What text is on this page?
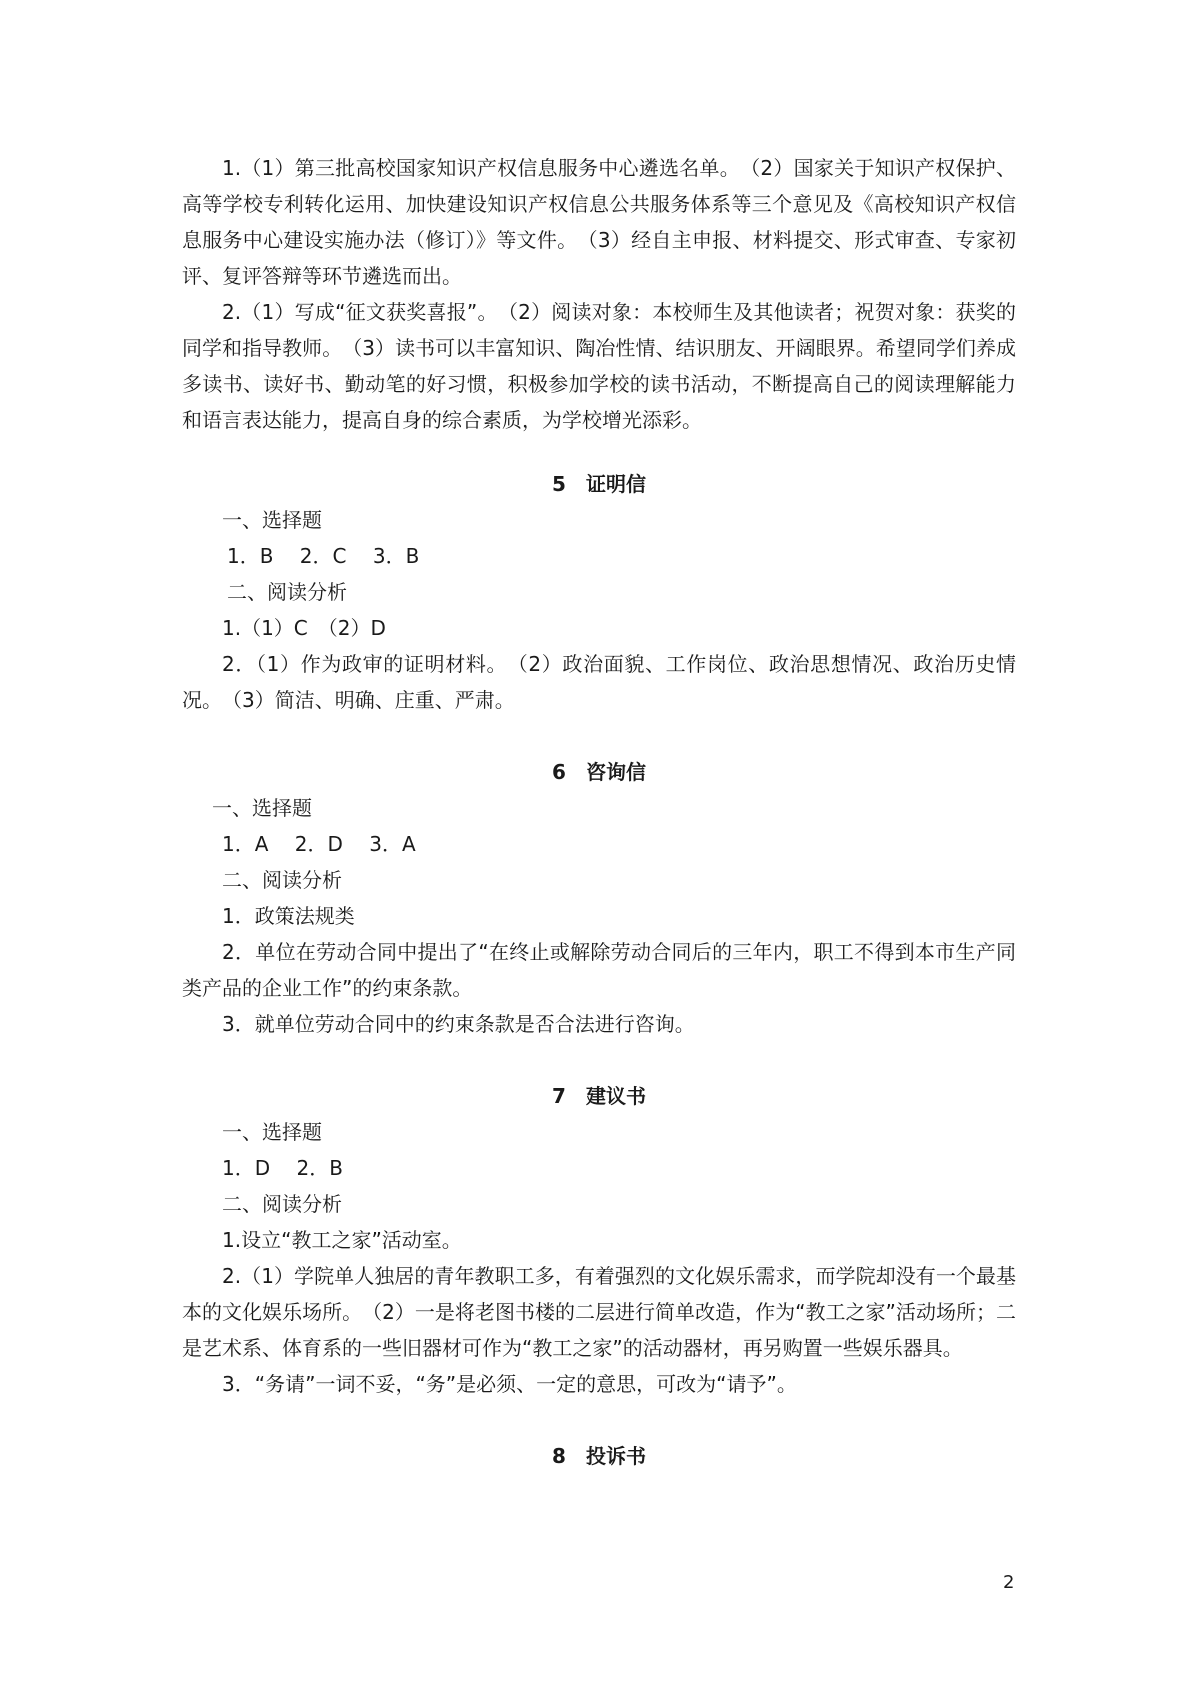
1.（1）第三批高校国家知识产权信息服务中心遴选名单。　（2）国家关于知识产权保护、高等学校专利转化运用、加快建设知识产权信息公共服务体系等三个意见及《高校知识产权信息服务中心建设实施办法（修订）》等文件。　（3）经自主申报、材料提交、形式审查、专家初评、复评答辩等环节遴选而出。

2.（1）写成“征文获奖喜报”。　（2）阅读对象：本校师生及其他读者；祝贺对象：获奖的同学和指导教师。　（3）读书可以丰富知识、陶冶性情、结识朋友、开阔眼界。希望同学们养成多读书、读好书、勤动笔的好习惯，积极参加学校的读书活动，不断提高自己的阅读理解能力和语言表达能力，提高自身的综合素质，为学校增光添彩。

5　证明信

一、选择题

1．B　 2．C　 3．B

二、阅读分析

1.（1）C　（2）D

2．（1）作为政审的证明材料。　（2）政治面貌、工作岗位、政治思想情况、政治历史情况。　（3）简洁、明确、庄重、严肃。

6　咨询信

一、选择题

1．A　 2．D　 3．A

二、阅读分析

1．政策法规类

2．单位在劳动合同中提出了“在终止或解除劳动合同后的三年内，职工不得到本市生产同类产品的企业工作”的约束条款。

3．就单位劳动合同中的约束条款是否合法进行咨询。

7　建议书

一、选择题

1．D　 2．B

二、阅读分析

1.设立“教工之家”活动室。

2.（1）学院单人独居的青年教职工多，有着强烈的文化娱乐需求，而学院却没有一个最基本的文化娱乐场所。　（2）一是将老图书楼的二层进行简单改造，作为“教工之家”活动场所；二是艺术系、体育系的一些旧器材可作为“教工之家”的活动器材，再另购置一些娱乐器具。

3．“务请”一词不妥，“务”是必须、一定的意思，可改为“请予”。

8　投诉书

2
